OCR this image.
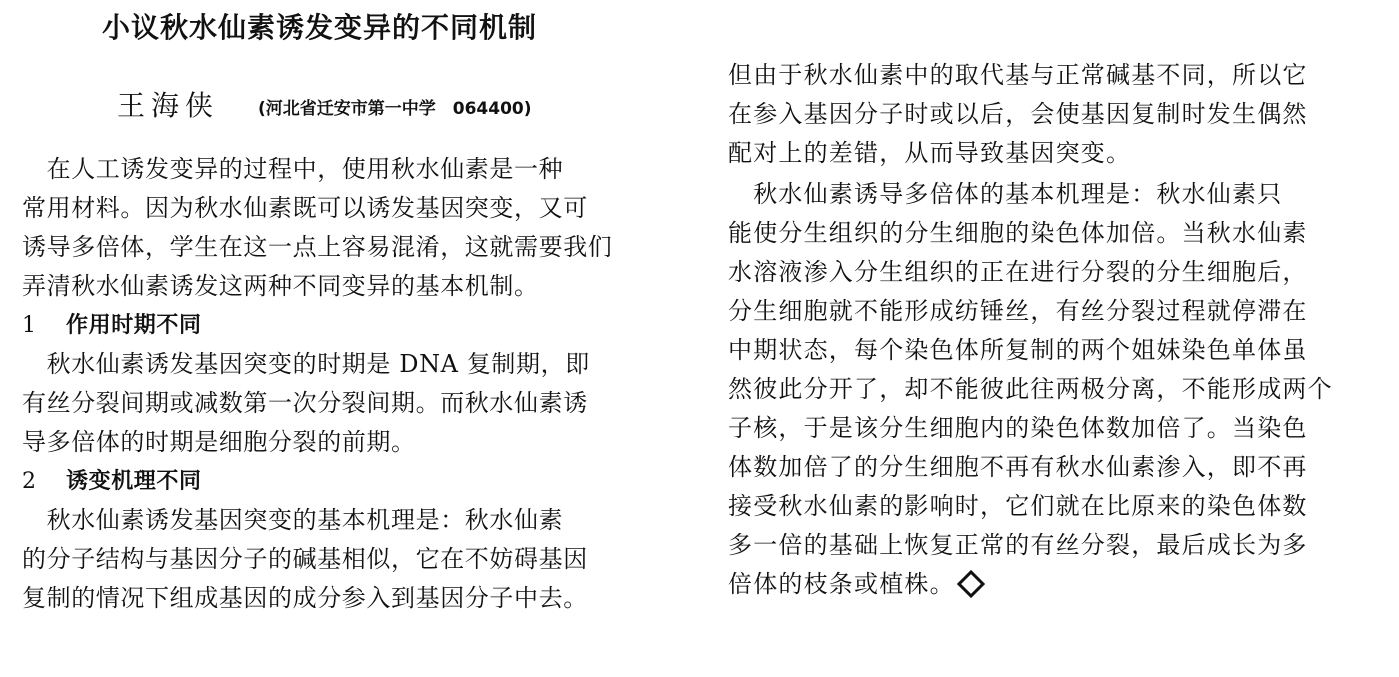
小议秋水仙素诱发变异的不同机制
王海侠 (河北省迁安市第一中学　064400)
　在人工诱发变异的过程中，使用秋水仙素是一种
常用材料。因为秋水仙素既可以诱发基因突变，又可
诱导多倍体，学生在这一点上容易混淆，这就需要我们
弄清秋水仙素诱发这两种不同变异的基本机制。
1 作用时期不同
　秋水仙素诱发基因突变的时期是 DNA 复制期，即
有丝分裂间期或减数第一次分裂间期。而秋水仙素诱
导多倍体的时期是细胞分裂的前期。
2 诱变机理不同
　秋水仙素诱发基因突变的基本机理是：秋水仙素
的分子结构与基因分子的碱基相似，它在不妨碍基因
复制的情况下组成基因的成分参入到基因分子中去。
但由于秋水仙素中的取代基与正常碱基不同，所以它
在参入基因分子时或以后，会使基因复制时发生偶然
配对上的差错，从而导致基因突变。
　秋水仙素诱导多倍体的基本机理是：秋水仙素只
能使分生组织的分生细胞的染色体加倍。当秋水仙素
水溶液渗入分生组织的正在进行分裂的分生细胞后，
分生细胞就不能形成纺锤丝，有丝分裂过程就停滞在
中期状态，每个染色体所复制的两个姐妹染色单体虽
然彼此分开了，却不能彼此往两极分离，不能形成两个
子核，于是该分生细胞内的染色体数加倍了。当染色
体数加倍了的分生细胞不再有秋水仙素渗入，即不再
接受秋水仙素的影响时，它们就在比原来的染色体数
多一倍的基础上恢复正常的有丝分裂，最后成长为多
倍体的枝条或植株。
